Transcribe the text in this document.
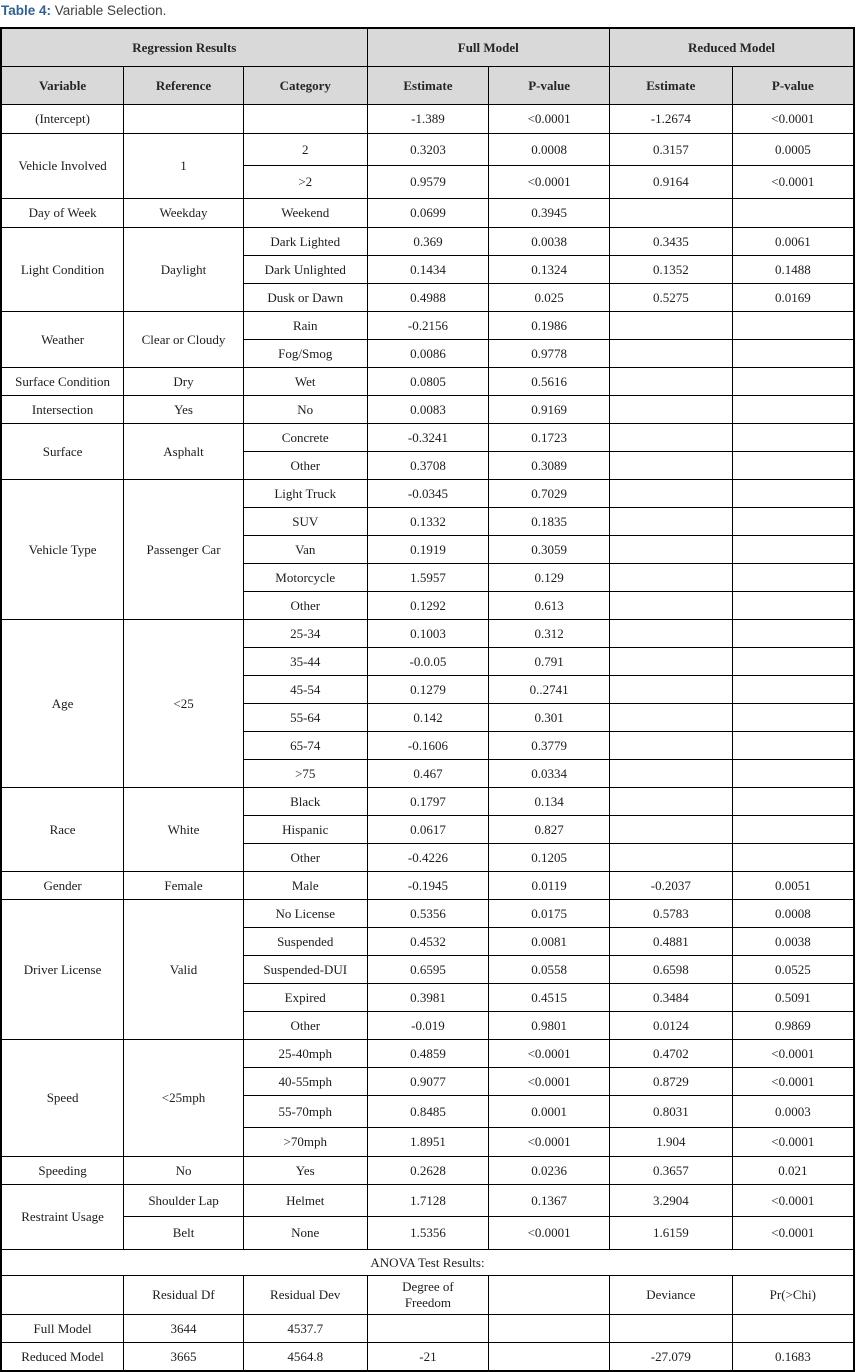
Table 4: Variable Selection.
Regression Results			Full Model		Reduced Model	
Variable	Reference	Category	Estimate	P-value	Estimate	P-value
(Intercept)			-1.389	<0.0001	-1.2674	<0.0001
Vehicle Involved	1	2	0.3203	0.0008	0.3157	0.0005
		>2	0.9579	<0.0001	0.9164	<0.0001
Day of Week	Weekday	Weekend	0.0699	0.3945		
Light Condition	Daylight	Dark Lighted	0.369	0.0038	0.3435	0.0061
		Dark Unlighted	0.1434	0.1324	0.1352	0.1488
		Dusk or Dawn	0.4988	0.025	0.5275	0.0169
Weather	Clear or Cloudy	Rain	-0.2156	0.1986		
		Fog/Smog	0.0086	0.9778		
Surface Condition	Dry	Wet	0.0805	0.5616		
Intersection	Yes	No	0.0083	0.9169		
Surface	Asphalt	Concrete	-0.3241	0.1723		
		Other	0.3708	0.3089		
Vehicle Type	Passenger Car	Light Truck	-0.0345	0.7029		
		SUV	0.1332	0.1835		
		Van	0.1919	0.3059		
		Motorcycle	1.5957	0.129		
		Other	0.1292	0.613		
Age	<25	25-34	0.1003	0.312		
		35-44	-0.0.05	0.791		
		45-54	0.1279	0..2741		
		55-64	0.142	0.301		
		65-74	-0.1606	0.3779		
		>75	0.467	0.0334		
Race	White	Black	0.1797	0.134		
		Hispanic	0.0617	0.827		
		Other	-0.4226	0.1205		
Gender	Female	Male	-0.1945	0.0119	-0.2037	0.0051
Driver License	Valid	No License	0.5356	0.0175	0.5783	0.0008
		Suspended	0.4532	0.0081	0.4881	0.0038
		Suspended-DUI	0.6595	0.0558	0.6598	0.0525
		Expired	0.3981	0.4515	0.3484	0.5091
		Other	-0.019	0.9801	0.0124	0.9869
Speed	<25mph	25-40mph	0.4859	<0.0001	0.4702	<0.0001
		40-55mph	0.9077	<0.0001	0.8729	<0.0001
		55-70mph	0.8485	0.0001	0.8031	0.0003
		>70mph	1.8951	<0.0001	1.904	<0.0001
Speeding	No	Yes	0.2628	0.0236	0.3657	0.021
Restraint Usage	Shoulder Lap	Helmet	1.7128	0.1367	3.2904	<0.0001
	Belt	None	1.5356	<0.0001	1.6159	<0.0001
ANOVA Test Results:						
	Residual Df	Residual Dev	Degree of Freedom		Deviance	Pr(>Chi)
Full Model	3644	4537.7				
Reduced Model	3665	4564.8	-21		-27.079	0.1683
